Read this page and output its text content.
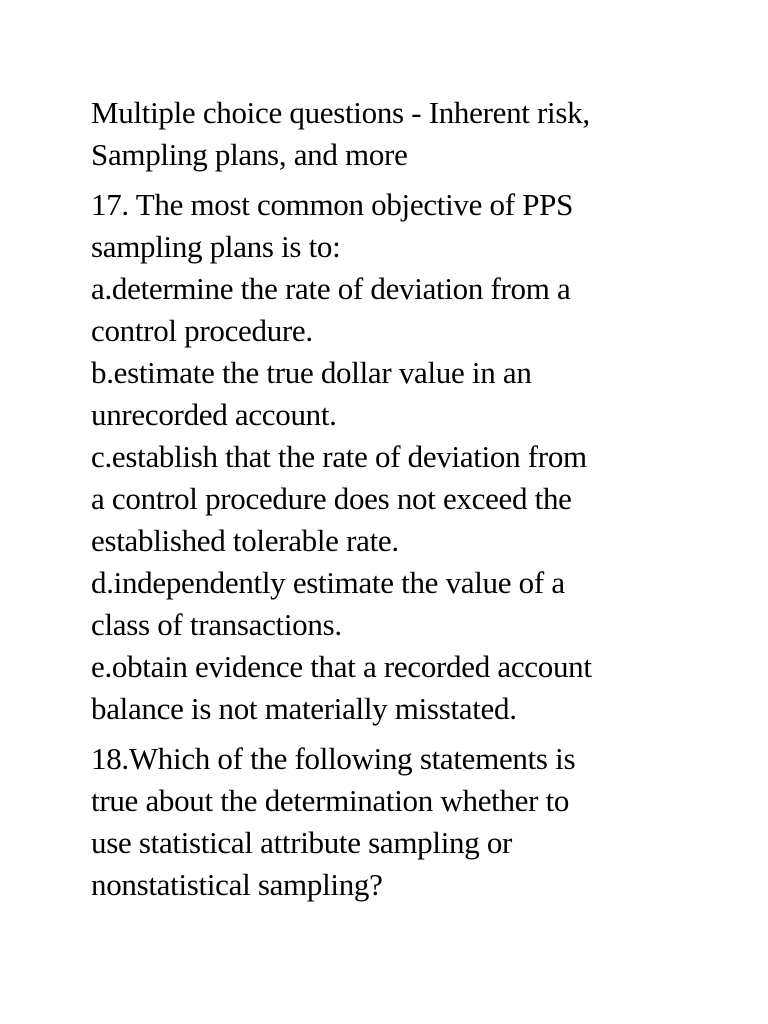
Multiple choice questions - Inherent risk,
Sampling plans, and more
17. The most common objective of PPS
sampling plans is to:
a.determine the rate of deviation from a
control procedure.
b.estimate the true dollar value in an
unrecorded account.
c.establish that the rate of deviation from
a control procedure does not exceed the
established tolerable rate.
d.independently estimate the value of a
class of transactions.
e.obtain evidence that a recorded account
balance is not materially misstated.
18.Which of the following statements is
true about the determination whether to
use statistical attribute sampling or
nonstatistical sampling?
